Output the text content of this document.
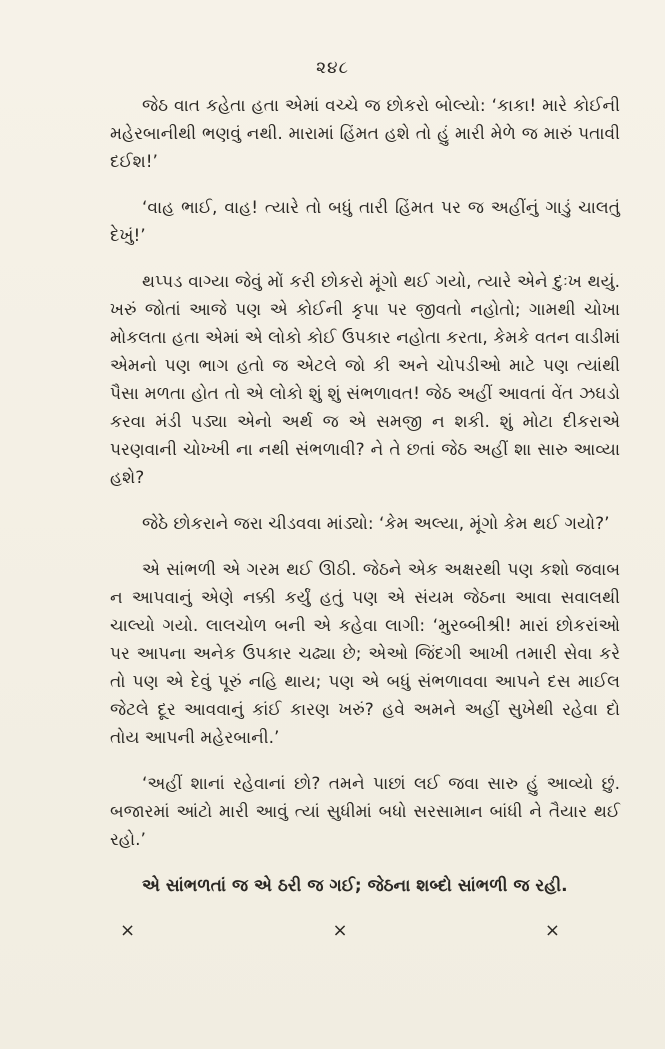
૨૪૮

જેઠ વાત કહેતા હતા એમાં વચ્ચે જ છોકરો બોલ્યો: ‘કાકા! મારે કોઈની મહેરબાનીથી ભણવું નથી. મારામાં હિંમત હશે તો હું મારી મેળે જ મારું પતાવી દઈશ!’

‘વાહ ભાઈ, વાહ! ત્યારે તો બધું તારી હિંમત પર જ અહીંનું ગાડું ચાલતું દેખું!’

થપ્પડ વાગ્યા જેવું મોં કરી છોકરો મૂંગો થઈ ગયો, ત્યારે એને દુઃખ થયું. ખરું જોતાં આજે પણ એ કોઈની કૃપા પર જીવતો નહોતો; ગામથી ચોખા મોકલતા હતા એમાં એ લોકો કોઈ ઉપકાર નહોતા કરતા, કેમકે વતન વાડીમાં એમનો પણ ભાગ હતો જ એટલે જો કી અને ચોપડીઓ માટે પણ ત્યાંથી પૈસા મળતા હોત તો એ લોકો શું શું સંભળાવત! જેઠ અહીં આવતાં વેંત ઝઘડો કરવા મંડી પડ્યા એનો અર્થ જ એ સમજી ન શકી. શું મોટા દીકરાએ પરણવાની ચોખ્ખી ના નથી સંભળાવી? ને તે છતાં જેઠ અહીં શા સારુ આવ્યા હશે?

જેઠે છોકરાને જરા ચીડવવા માંડ્યો: ‘કેમ અલ્યા, મૂંગો કેમ થઈ ગયો?’

એ સાંભળી એ ગરમ થઈ ઊઠી. જેઠને એક અક્ષરથી પણ કશો જવાબ ન આપવાનું એણે નક્કી કર્યું હતું પણ એ સંયમ જેઠના આવા સવાલથી ચાલ્યો ગયો. લાલચોળ બની એ કહેવા લાગી: ‘મુરબ્બીશ્રી! મારાં છોકરાંઓ પર આપના અનેક ઉપકાર ચઢ્યા છે; એઓ જિંદગી આખી તમારી સેવા કરે તો પણ એ દેવું પૂરું નહિ થાય; પણ એ બધું સંભળાવવા આપને દસ માઈલ જેટલે દૂર આવવાનું કાંઈ કારણ ખરું? હવે અમને અહીં સુખેથી રહેવા દો તોય આપની મહેરબાની.’

‘અહીં શાનાં રહેવાનાં છો? તમને પાછાં લઈ જવા સારુ હું આવ્યો છું. બજારમાં આંટો મારી આવું ત્યાં સુધીમાં બધો સરસામાન બાંધી ને તૈયાર થઈ રહો.’

એ સાંભળતાં જ એ ઠરી જ ગઈ; જેઠના શબ્દો સાંભળી જ રહી.

×	×	×
